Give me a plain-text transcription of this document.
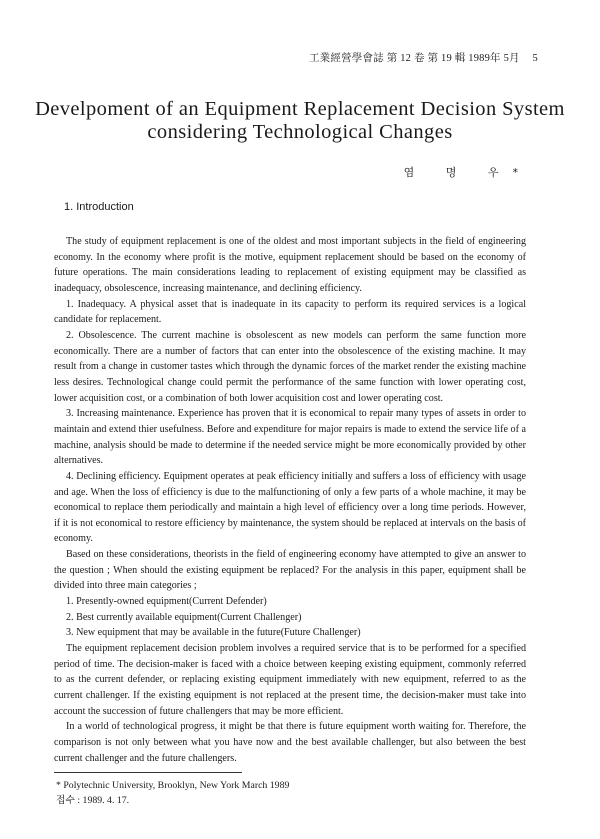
工業經營學會誌 第 12 卷 第 19 輯 1989年 5月 5
Develpoment of an Equipment Replacement Decision System
considering Technological Changes
염 명 우*
1. Introduction

The study of equipment replacement is one of the oldest and most important subjects in the field of engineering economy. In the economy where profit is the motive, equipment replacement should be based on the economy of future operations. The main considerations leading to replacement of existing equipment may be classified as inadequacy, obsolescence, increasing maintenance, and declining efficiency.

1. Inadequacy. A physical asset that is inadequate in its capacity to perform its required services is a logical candidate for replacement.

2. Obsolescence. The current machine is obsolescent as new models can perform the same function more economically. There are a number of factors that can enter into the obsolescence of the existing machine. It may result from a change in customer tastes which through the dynamic forces of the market render the existing machine less desires. Technological change could permit the performance of the same function with lower operating cost, lower acquisition cost, or a combination of both lower acquisition cost and lower operating cost.

3. Increasing maintenance. Experience has proven that it is economical to repair many types of assets in order to maintain and extend thier usefulness. Before and expenditure for major repairs is made to extend the service life of a machine, analysis should be made to determine if the needed service might be more economically provided by other alternatives.

4. Declining efficiency. Equipment operates at peak efficiency initially and suffers a loss of efficiency with usage and age. When the loss of efficiency is due to the malfunctioning of only a few parts of a whole machine, it may be economical to replace them periodically and maintain a high level of efficiency over a long time periods. However, if it is not economical to restore efficiency by maintenance, the system should be replaced at intervals on the basis of economy.

Based on these considerations, theorists in the field of engineering economy have attempted to give an answer to the question ; When should the existing equipment be replaced? For the analysis in this paper, equipment shall be divided into three main categories ;

1. Presently-owned equipment(Current Defender)

2. Best currently available equipment(Current Challenger)

3. New equipment that may be available in the future(Future Challenger)

The equipment replacement decision problem involves a required service that is to be performed for a specified period of time. The decision-maker is faced with a choice between keeping existing equipment, commonly referred to as the current defender, or replacing existing equipment immediately with new equipment, referred to as the current challenger. If the existing equipment is not replaced at the present time, the decision-maker must take into account the succession of future challengers that may be more efficient.

In a world of technological progress, it might be that there is future equipment worth waiting for. Therefore, the comparison is not only between what you have now and the best available challenger, but also between the best current challenger and the future challengers.

* Polytechnic University, Brooklyn, New York March 1989
접수 : 1989. 4. 17.
